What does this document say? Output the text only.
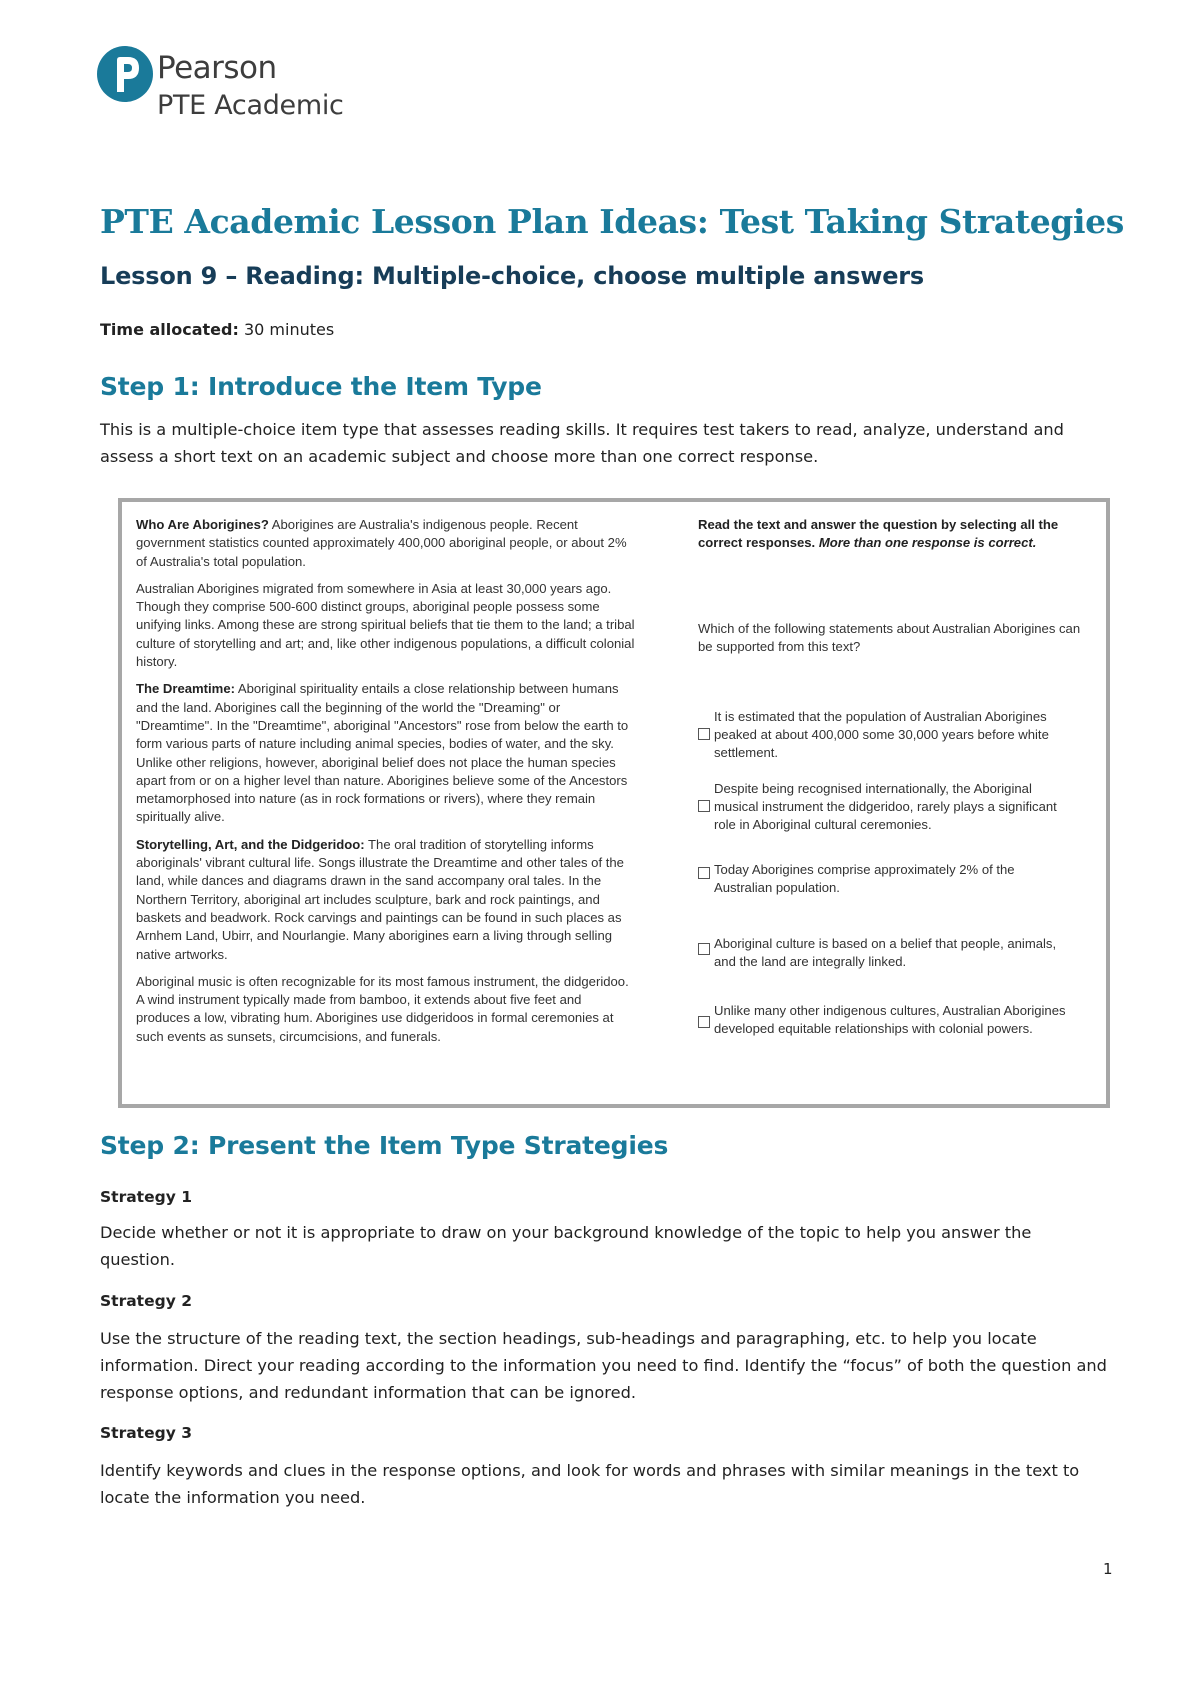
Pearson
PTE Academic
PTE Academic Lesson Plan Ideas: Test Taking Strategies
Lesson 9 – Reading: Multiple-choice, choose multiple answers
Time allocated: 30 minutes
Step 1: Introduce the Item Type
This is a multiple-choice item type that assesses reading skills. It requires test takers to read, analyze, understand and assess a short text on an academic subject and choose more than one correct response.

Who Are Aborigines? Aborigines are Australia's indigenous people. Recent government statistics counted approximately 400,000 aboriginal people, or about 2% of Australia's total population.

Australian Aborigines migrated from somewhere in Asia at least 30,000 years ago. Though they comprise 500-600 distinct groups, aboriginal people possess some unifying links. Among these are strong spiritual beliefs that tie them to the land; a tribal culture of storytelling and art; and, like other indigenous populations, a difficult colonial history.

The Dreamtime: Aboriginal spirituality entails a close relationship between humans and the land. Aborigines call the beginning of the world the "Dreaming" or "Dreamtime". In the "Dreamtime", aboriginal "Ancestors" rose from below the earth to form various parts of nature including animal species, bodies of water, and the sky. Unlike other religions, however, aboriginal belief does not place the human species apart from or on a higher level than nature. Aborigines believe some of the Ancestors metamorphosed into nature (as in rock formations or rivers), where they remain spiritually alive.

Storytelling, Art, and the Didgeridoo: The oral tradition of storytelling informs aboriginals' vibrant cultural life. Songs illustrate the Dreamtime and other tales of the land, while dances and diagrams drawn in the sand accompany oral tales. In the Northern Territory, aboriginal art includes sculpture, bark and rock paintings, and baskets and beadwork. Rock carvings and paintings can be found in such places as Arnhem Land, Ubirr, and Nourlangie. Many aborigines earn a living through selling native artworks.

Aboriginal music is often recognizable for its most famous instrument, the didgeridoo. A wind instrument typically made from bamboo, it extends about five feet and produces a low, vibrating hum. Aborigines use didgeridoos in formal ceremonies at such events as sunsets, circumcisions, and funerals.

Read the text and answer the question by selecting all the correct responses. More than one response is correct.
Which of the following statements about Australian Aborigines can be supported from this text?
It is estimated that the population of Australian Aborigines peaked at about 400,000 some 30,000 years before white settlement.
Despite being recognised internationally, the Aboriginal musical instrument the didgeridoo, rarely plays a significant role in Aboriginal cultural ceremonies.
Today Aborigines comprise approximately 2% of the Australian population.
Aboriginal culture is based on a belief that people, animals, and the land are integrally linked.
Unlike many other indigenous cultures, Australian Aborigines developed equitable relationships with colonial powers.
Step 2: Present the Item Type Strategies
Strategy 1
Decide whether or not it is appropriate to draw on your background knowledge of the topic to help you answer the question.
Strategy 2
Use the structure of the reading text, the section headings, sub-headings and paragraphing, etc. to help you locate information. Direct your reading according to the information you need to find. Identify the “focus” of both the question and response options, and redundant information that can be ignored.
Strategy 3
Identify keywords and clues in the response options, and look for words and phrases with similar meanings in the text to locate the information you need.
1
